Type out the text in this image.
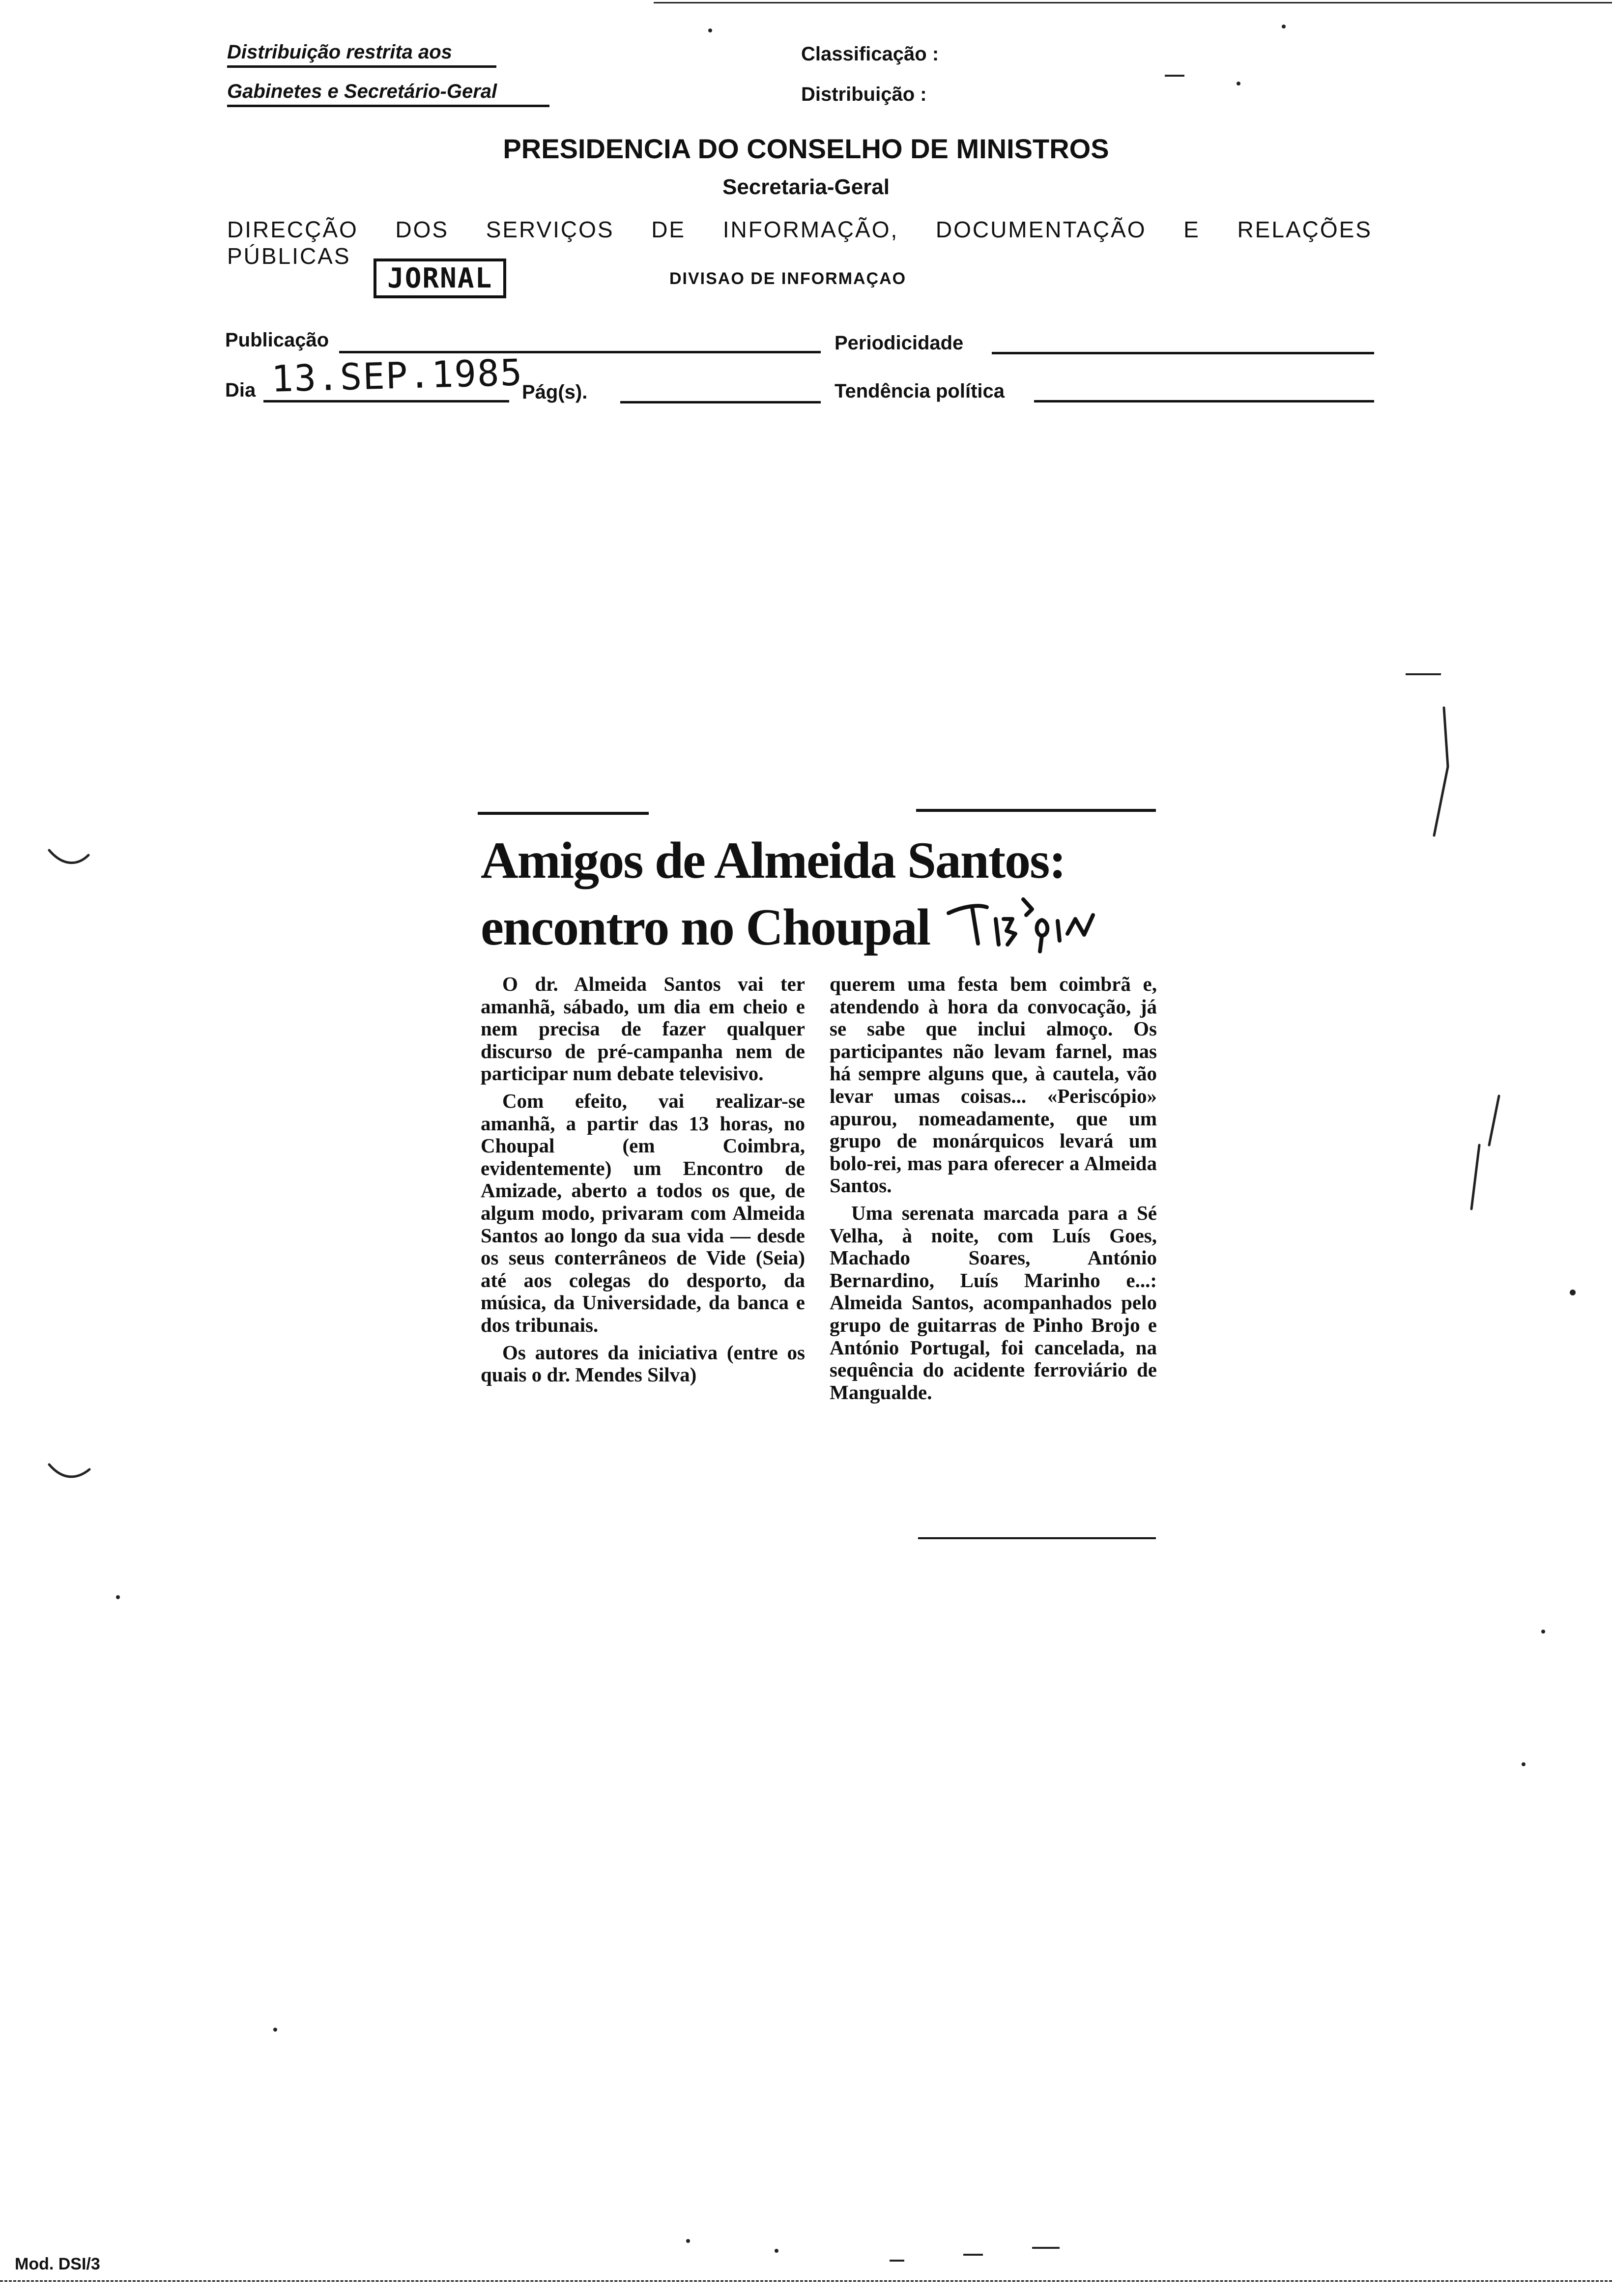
Distribuição restrita aos
Gabinetes e Secretário-Geral
Classificação :
Distribuição :
PRESIDENCIA DO CONSELHO DE MINISTROS
Secretaria-Geral
DIRECÇÃO DOS SERVIÇOS DE INFORMAÇÃO, DOCUMENTAÇÃO E RELAÇÕES PÚBLICAS
JORNAL	DIVISAO DE INFORMAÇAO
Publicação	Periodicidade
Dia 13.SEP.1985
Pág(s).	Tendência política
Amigos de Almeida Santos:
encontro no Choupal

O dr. Almeida Santos vai ter amanhã, sábado, um dia em cheio e nem precisa de fazer qualquer discurso de pré-campanha nem de participar num debate televisivo.

Com efeito, vai realizar-se amanhã, a partir das 13 horas, no Choupal (em Coimbra, evidentemente) um Encontro de Amizade, aberto a todos os que, de algum modo, privaram com Almeida Santos ao longo da sua vida — desde os seus conterrâneos de Vide (Seia) até aos colegas do desporto, da música, da Universidade, da banca e dos tribunais.

Os autores da iniciativa (entre os quais o dr. Mendes Silva)

querem uma festa bem coimbrã e, atendendo à hora da convocação, já se sabe que inclui almoço. Os participantes não levam farnel, mas há sempre alguns que, à cautela, vão levar umas coisas... «Periscópio» apurou, nomeadamente, que um grupo de monárquicos levará um bolo-rei, mas para oferecer a Almeida Santos.

Uma serenata marcada para a Sé Velha, à noite, com Luís Goes, Machado Soares, António Bernardino, Luís Marinho e...: Almeida Santos, acompanhados pelo grupo de guitarras de Pinho Brojo e António Portugal, foi cancelada, na sequência do acidente ferroviário de Mangualde.

Mod. DSI/3
